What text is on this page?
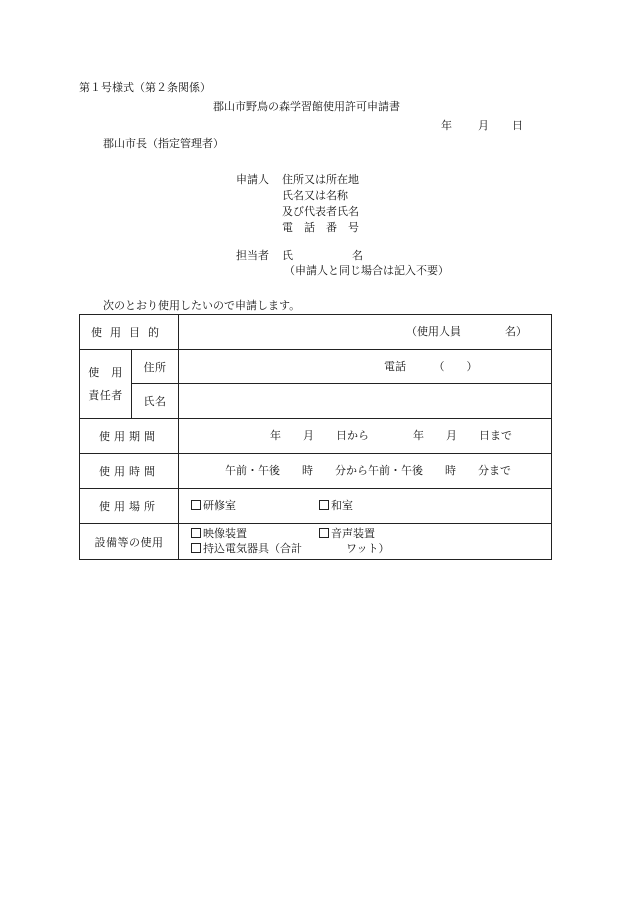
第１号様式（第２条関係）
郡山市野鳥の森学習館使用許可申請書
年 月 日
郡山市長（指定管理者）
申請人 住所又は所在地
氏名又は名称
及び代表者氏名
電　話　番　号
担当者 氏	名
（申請人と同じ場合は記入不要）
次のとおり使用したいので申請します。
使用目的		（使用人員　　　　名）

使　用
責任者	住所	電話　　　（　　）

	氏名	
使用期間		年　　月　　日から　　　　年　　月　　日まで

使用時間		午前・午後　　時　　分から午前・午後　　時　　分まで

使用場所		研修室 和室

設備等の使用		映像装置 音声装置
持込電気器具（合計　　　　ワット）
